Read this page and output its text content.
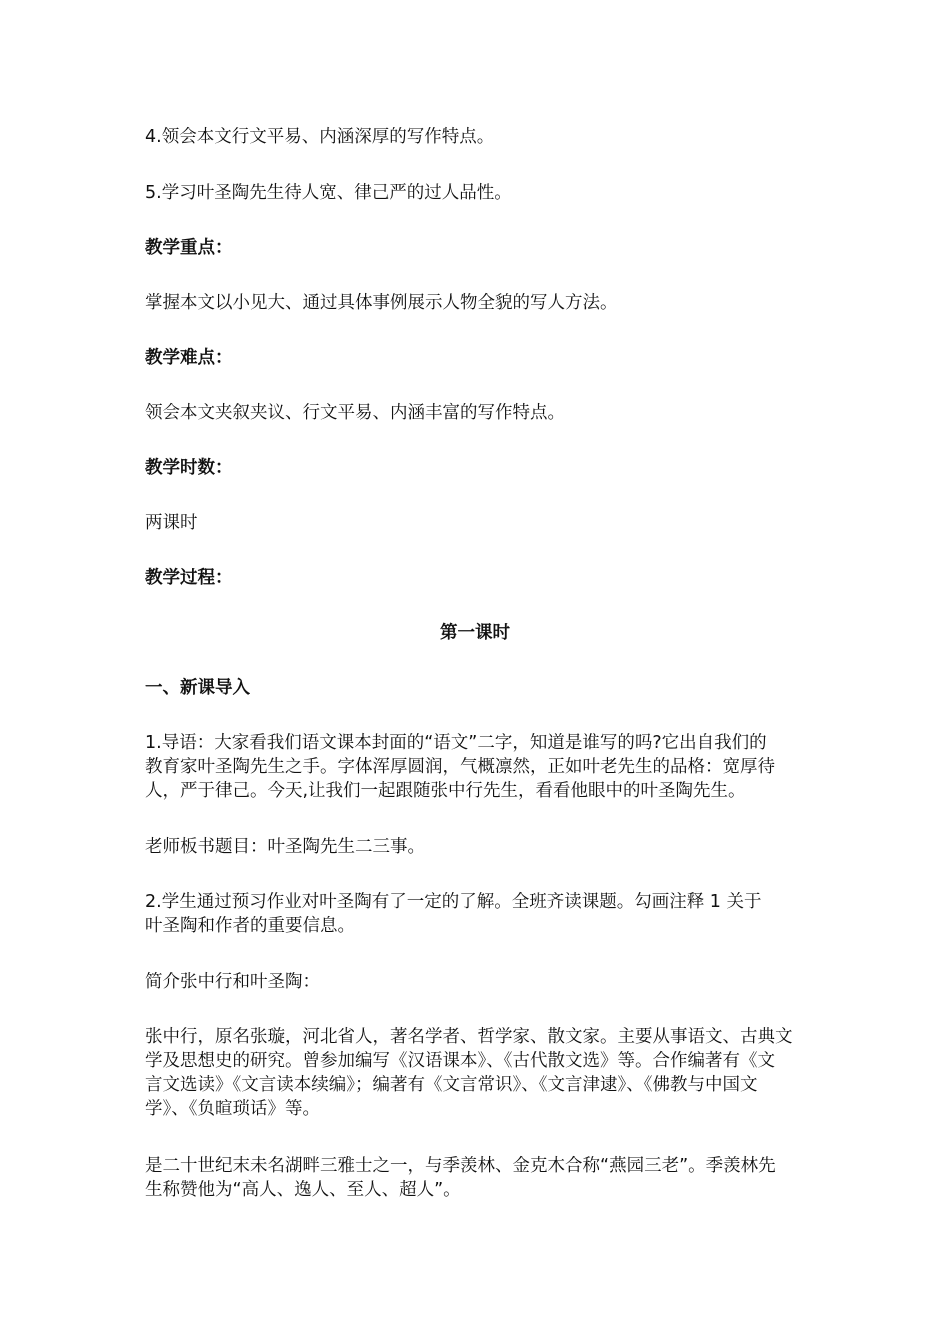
4.领会本文行文平易、内涵深厚的写作特点。

5.学习叶圣陶先生待人宽、律己严的过人品性。

教学重点：

掌握本文以小见大、通过具体事例展示人物全貌的写人方法。

教学难点：

领会本文夹叙夹议、行文平易、内涵丰富的写作特点。

教学时数：

两课时

教学过程：

第一课时

一、新课导入

1.导语：大家看我们语文课本封面的“语文”二字，知道是谁写的吗?它出自我们的
教育家叶圣陶先生之手。字体浑厚圆润，气概凛然，正如叶老先生的品格：宽厚待
人，严于律己。今天,让我们一起跟随张中行先生，看看他眼中的叶圣陶先生。

老师板书题目：叶圣陶先生二三事。

2.学生通过预习作业对叶圣陶有了一定的了解。全班齐读课题。勾画注释 1 关于
叶圣陶和作者的重要信息。

简介张中行和叶圣陶：

张中行，原名张璇，河北省人，著名学者、哲学家、散文家。主要从事语文、古典文
学及思想史的研究。曾参加编写《汉语课本》、《古代散文选》等。合作编著有《文
言文选读》《文言读本续编》；编著有《文言常识》、《文言津逮》、《佛教与中国文
学》、《负暄琐话》等。
是二十世纪末未名湖畔三雅士之一，与季羡林、金克木合称“燕园三老”。季羡林先
生称赞他为“高人、逸人、至人、超人”。
